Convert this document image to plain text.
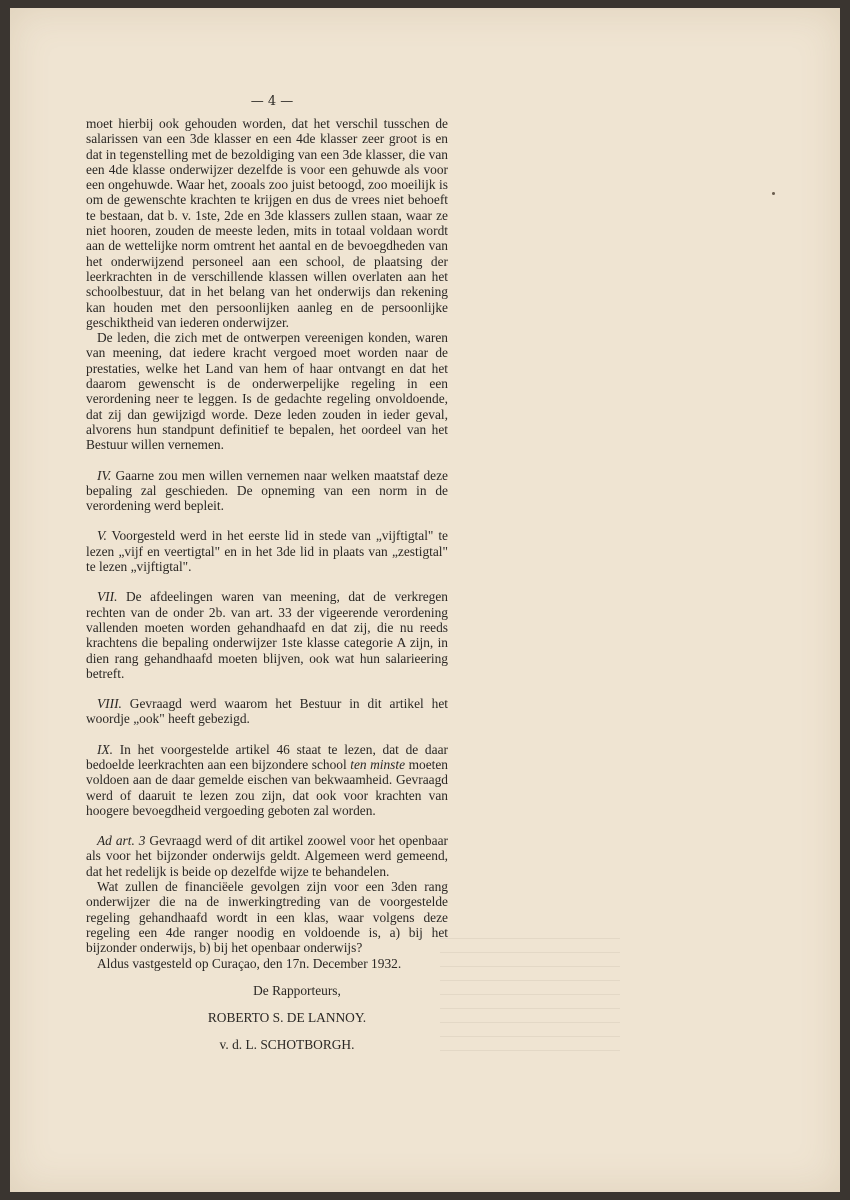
— 4 —

moet hierbij ook gehouden worden, dat het verschil tusschen de salarissen van een 3de klasser en een 4de klasser zeer groot is en dat in tegenstelling met de bezoldiging van een 3de klasser, die van een 4de klasse onderwijzer dezelfde is voor een gehuwde als voor een ongehuwde. Waar het, zooals zoo juist betoogd, zoo moeilijk is om de gewenschte krachten te krijgen en dus de vrees niet behoeft te bestaan, dat b. v. 1ste, 2de en 3de klassers zullen staan, waar ze niet hooren, zouden de meeste leden, mits in totaal voldaan wordt aan de wettelijke norm omtrent het aantal en de bevoegdheden van het onderwijzend personeel aan een school, de plaatsing der leerkrachten in de verschillende klassen willen overlaten aan het schoolbestuur, dat in het belang van het onderwijs dan rekening kan houden met den persoonlijken aanleg en de persoonlijke geschiktheid van iederen onderwijzer.

De leden, die zich met de ontwerpen vereenigen konden, waren van meening, dat iedere kracht vergoed moet worden naar de prestaties, welke het Land van hem of haar ontvangt en dat het daarom gewenscht is de onderwerpelijke regeling in een verordening neer te leggen. Is de gedachte regeling onvoldoende, dat zij dan gewijzigd worde. Deze leden zouden in ieder geval, alvorens hun standpunt definitief te bepalen, het oordeel van het Bestuur willen vernemen.

IV. Gaarne zou men willen vernemen naar welken maatstaf deze bepaling zal geschieden. De opneming van een norm in de verordening werd bepleit.

V. Voorgesteld werd in het eerste lid in stede van „vijftigtal" te lezen „vijf en veertigtal" en in het 3de lid in plaats van „zestigtal" te lezen „vijftigtal".

VII. De afdeelingen waren van meening, dat de verkregen rechten van de onder 2b. van art. 33 der vigeerende verordening vallenden moeten worden gehandhaafd en dat zij, die nu reeds krachtens die bepaling onderwijzer 1ste klasse categorie A zijn, in dien rang gehandhaafd moeten blijven, ook wat hun salarieering betreft.

VIII. Gevraagd werd waarom het Bestuur in dit artikel het woordje „ook" heeft gebezigd.

IX. In het voorgestelde artikel 46 staat te lezen, dat de daar bedoelde leerkrachten aan een bijzondere school ten minste moeten voldoen aan de daar gemelde eischen van bekwaamheid. Gevraagd werd of daaruit te lezen zou zijn, dat ook voor krachten van hoogere bevoegdheid vergoeding geboten zal worden.

Ad art. 3 Gevraagd werd of dit artikel zoowel voor het openbaar als voor het bijzonder onderwijs geldt. Algemeen werd gemeend, dat het redelijk is beide op dezelfde wijze te behandelen.

Wat zullen de financiëele gevolgen zijn voor een 3den rang onderwijzer die na de inwerkingtreding van de voorgestelde regeling gehandhaafd wordt in een klas, waar volgens deze regeling een 4de ranger noodig en voldoende is, a) bij het bijzonder onderwijs, b) bij het openbaar onderwijs?

Aldus vastgesteld op Curaçao, den 17n. December 1932.

De Rapporteurs,
ROBERTO S. DE LANNOY.
v. d. L. SCHOTBORGH.
